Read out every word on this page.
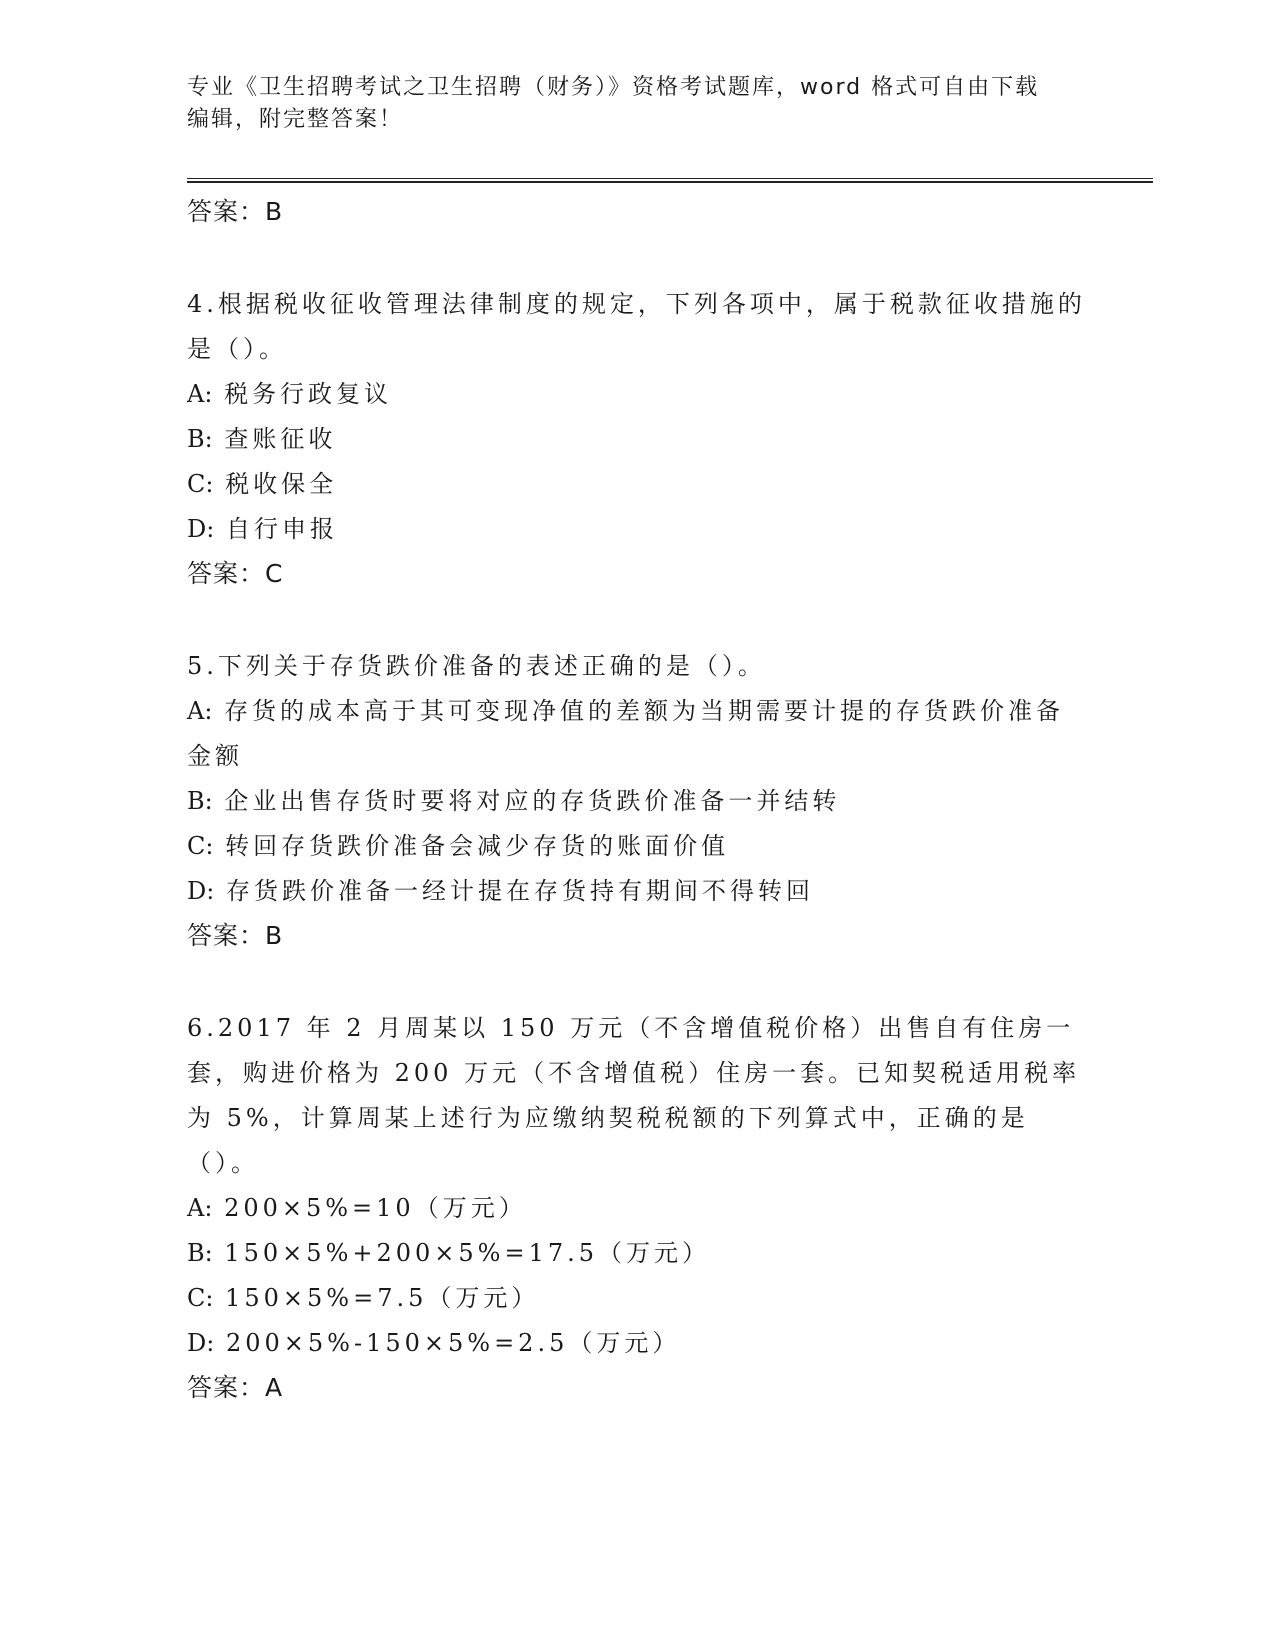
专业《卫生招聘考试之卫生招聘（财务）》资格考试题库，word 格式可自由下载
编辑，附完整答案！
答案：B
4.根据税收征收管理法律制度的规定，下列各项中，属于税款征收措施的是（）。
A: 税务行政复议
B: 查账征收
C: 税收保全
D: 自行申报
答案：C
5.下列关于存货跌价准备的表述正确的是（）。
A: 存货的成本高于其可变现净值的差额为当期需要计提的存货跌价准备金额
B: 企业出售存货时要将对应的存货跌价准备一并结转
C: 转回存货跌价准备会减少存货的账面价值
D: 存货跌价准备一经计提在存货持有期间不得转回
答案：B
6.2017 年 2 月周某以 150 万元（不含增值税价格）出售自有住房一套，购进价格为 200 万元（不含增值税）住房一套。已知契税适用税率为 5%，计算周某上述行为应缴纳契税税额的下列算式中，正确的是（）。
A: 200×5%=10（万元）
B: 150×5%+200×5%=17.5（万元）
C: 150×5%=7.5（万元）
D: 200×5%-150×5%=2.5（万元）
答案：A
